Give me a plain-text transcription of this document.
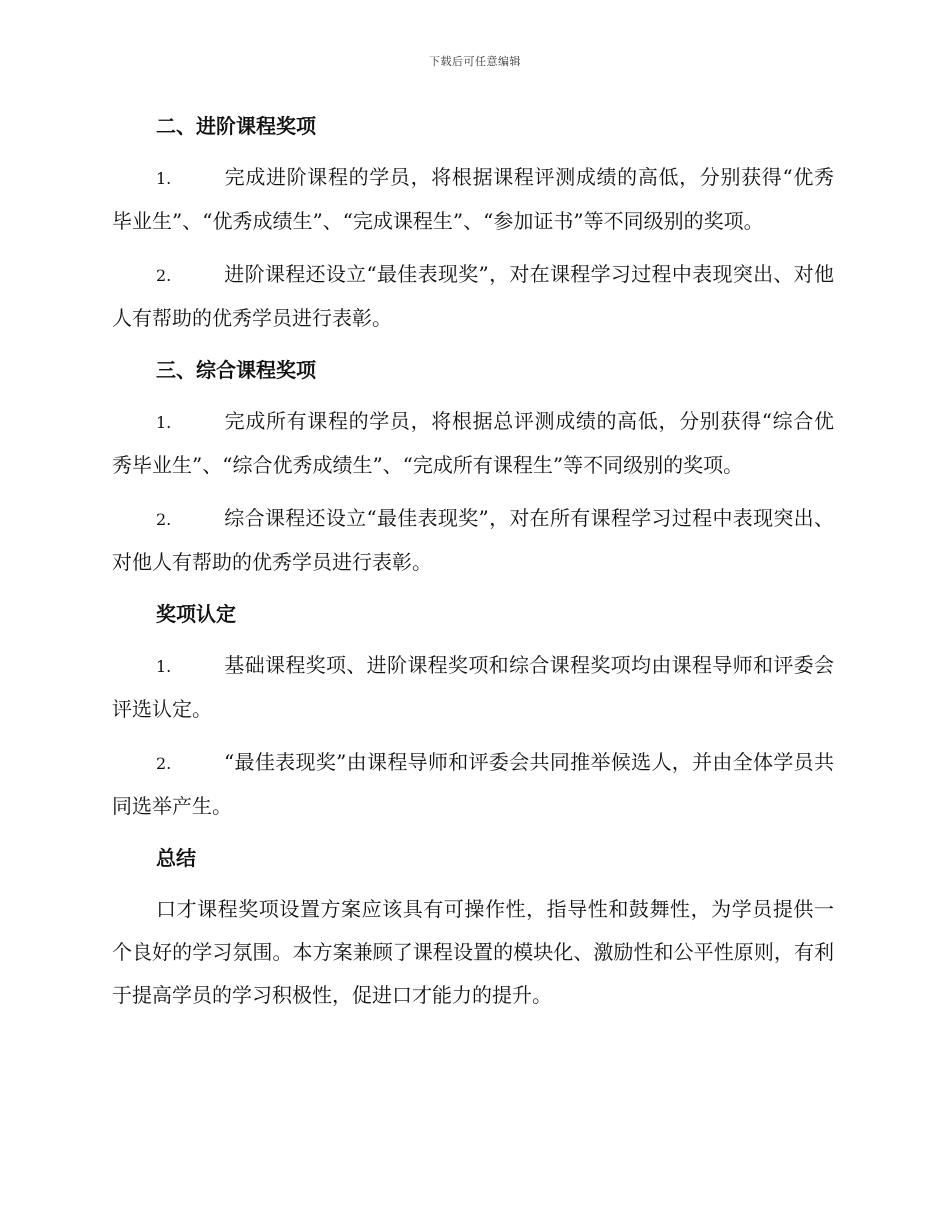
下载后可任意编辑
二、进阶课程奖项
1.	完成进阶课程的学员，将根据课程评测成绩的高低，分别获得“优秀毕业生”、“优秀成绩生”、“完成课程生”、“参加证书”等不同级别的奖项。
2.	进阶课程还设立“最佳表现奖”，对在课程学习过程中表现突出、对他人有帮助的优秀学员进行表彰。
三、综合课程奖项
1.	完成所有课程的学员，将根据总评测成绩的高低，分别获得“综合优秀毕业生”、“综合优秀成绩生”、“完成所有课程生”等不同级别的奖项。
2.	综合课程还设立“最佳表现奖”，对在所有课程学习过程中表现突出、对他人有帮助的优秀学员进行表彰。
奖项认定
1.	基础课程奖项、进阶课程奖项和综合课程奖项均由课程导师和评委会评选认定。
2.	“最佳表现奖”由课程导师和评委会共同推举候选人，并由全体学员共同选举产生。
总结

口才课程奖项设置方案应该具有可操作性，指导性和鼓舞性，为学员提供一个良好的学习氛围。本方案兼顾了课程设置的模块化、激励性和公平性原则，有利于提高学员的学习积极性，促进口才能力的提升。
